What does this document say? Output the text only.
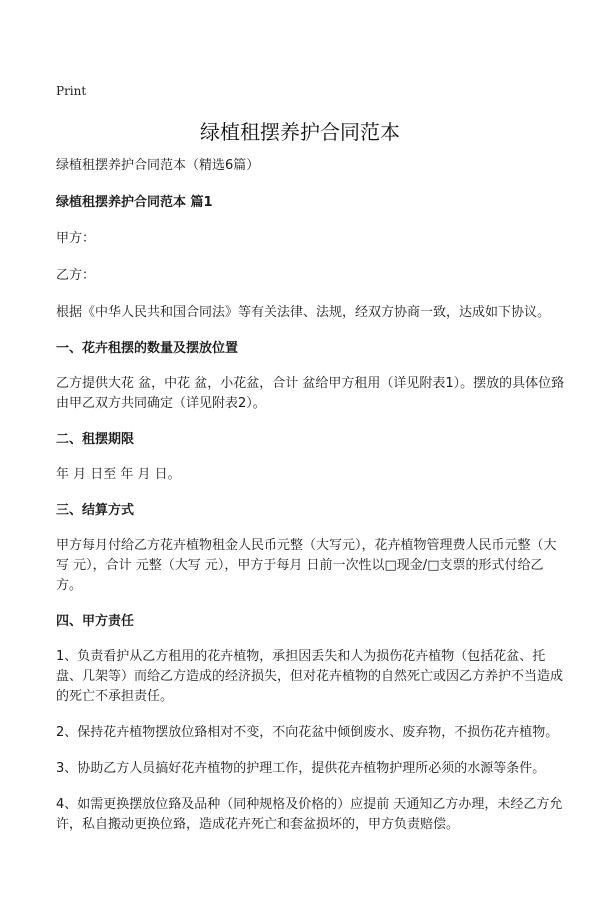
Print
绿植租摆养护合同范本

绿植租摆养护合同范本（精选6篇）

绿植租摆养护合同范本 篇1

甲方：

乙方：

根据《中华人民共和国合同法》等有关法律、法规，经双方协商一致，达成如下协议。

一、花卉租摆的数量及摆放位置

乙方提供大花 盆，中花 盆，小花盆，合计 盆给甲方租用（详见附表1）。摆放的具体位臵由甲乙双方共同确定（详见附表2）。

二、租摆期限

年 月 日至 年 月 日。

三、结算方式

甲方每月付给乙方花卉植物租金人民币元整（大写元），花卉植物管理费人民币元整（大写 元），合计 元整（大写 元），甲方于每月 日前一次性以□现金/□支票的形式付给乙方。

四、甲方责任

1、负责看护从乙方租用的花卉植物，承担因丢失和人为损伤花卉植物（包括花盆、托盘、几架等）而给乙方造成的经济损失，但对花卉植物的自然死亡或因乙方养护不当造成的死亡不承担责任。

2、保持花卉植物摆放位臵相对不变，不向花盆中倾倒废水、废弃物，不损伤花卉植物。

3、协助乙方人员搞好花卉植物的护理工作，提供花卉植物护理所必须的水源等条件。

4、如需更换摆放位臵及品种（同种规格及价格的）应提前 天通知乙方办理，未经乙方允许，私自搬动更换位臵，造成花卉死亡和套盆损坏的，甲方负责赔偿。
